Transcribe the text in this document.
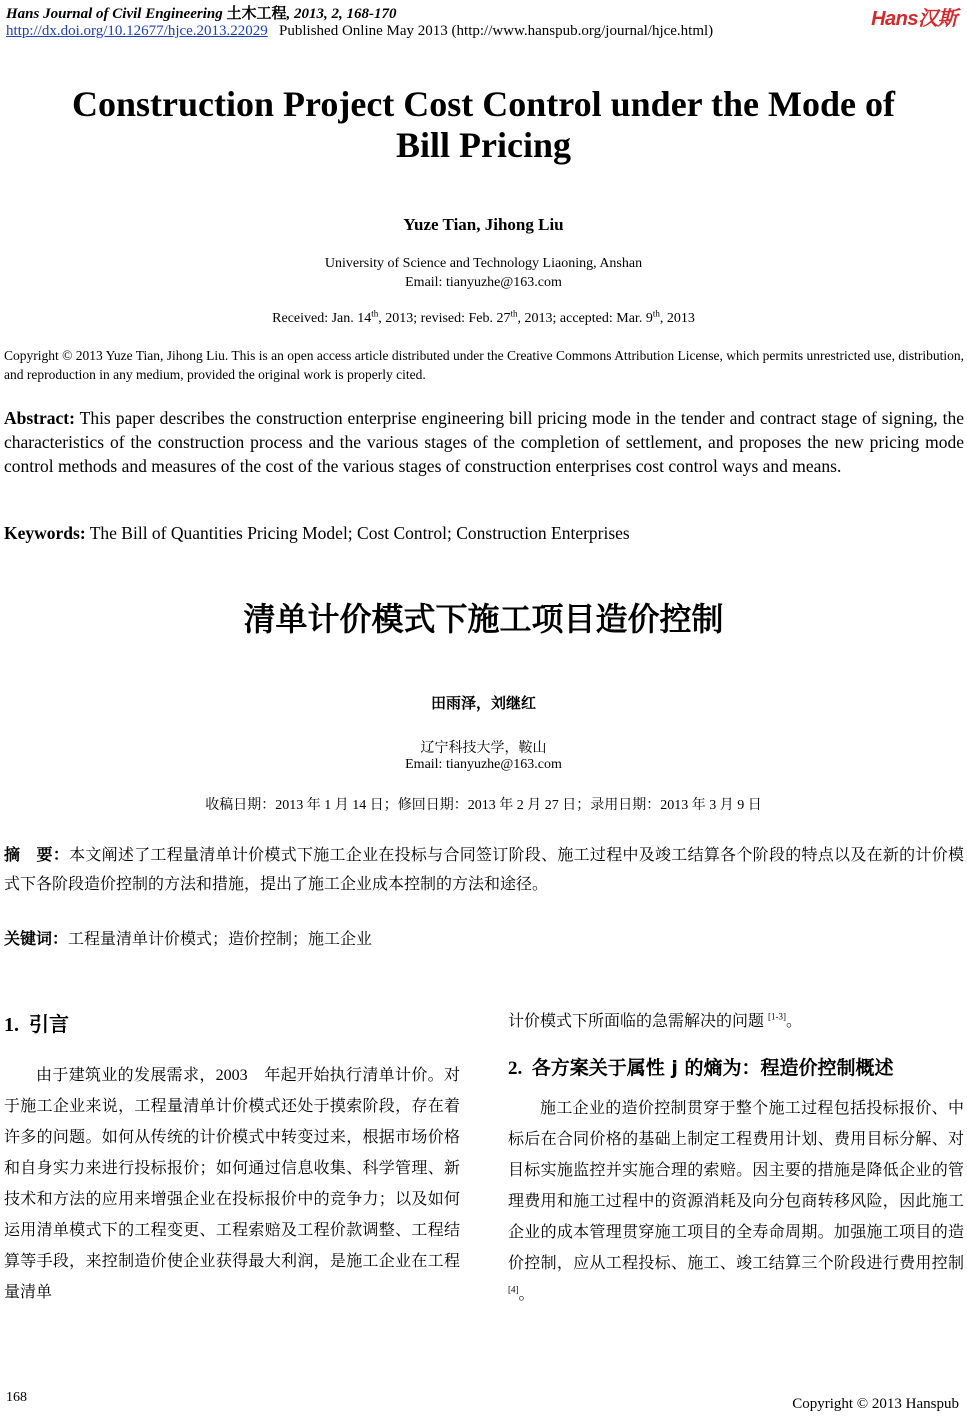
Hans Journal of Civil Engineering 土木工程, 2013, 2, 168-170
http://dx.doi.org/10.12677/hjce.2013.22029 Published Online May 2013 (http://www.hanspub.org/journal/hjce.html)
Hans汉斯
Construction Project Cost Control under the Mode of
Bill Pricing
Yuze Tian, Jihong Liu
University of Science and Technology Liaoning, Anshan
Email: tianyuzhe@163.com
Received: Jan. 14th, 2013; revised: Feb. 27th, 2013; accepted: Mar. 9th, 2013
Copyright © 2013 Yuze Tian, Jihong Liu. This is an open access article distributed under the Creative Commons Attribution License, which permits unrestricted use, distribution, and reproduction in any medium, provided the original work is properly cited.
Abstract: This paper describes the construction enterprise engineering bill pricing mode in the tender and contract stage of signing, the characteristics of the construction process and the various stages of the completion of settlement, and proposes the new pricing mode control methods and measures of the cost of the various stages of construction enterprises cost control ways and means.
Keywords: The Bill of Quantities Pricing Model; Cost Control; Construction Enterprises
清单计价模式下施工项目造价控制
田雨泽，刘继红
辽宁科技大学，鞍山
Email: tianyuzhe@163.com
收稿日期：2013 年 1 月 14 日；修回日期：2013 年 2 月 27 日；录用日期：2013 年 3 月 9 日
摘　要：本文阐述了工程量清单计价模式下施工企业在投标与合同签订阶段、施工过程中及竣工结算各个阶段的特点以及在新的计价模式下各阶段造价控制的方法和措施，提出了施工企业成本控制的方法和途径。
关键词：工程量清单计价模式；造价控制；施工企业
1. 引言

由于建筑业的发展需求，2003　年起开始执行清单计价。对于施工企业来说，工程量清单计价模式还处于摸索阶段，存在着许多的问题。如何从传统的计价模式中转变过来，根据市场价格和自身实力来进行投标报价；如何通过信息收集、科学管理、新技术和方法的应用来增强企业在投标报价中的竞争力；以及如何运用清单模式下的工程变更、工程索赔及工程价款调整、工程结算等手段，来控制造价使企业获得最大利润，是施工企业在工程量清单

计价模式下所面临的急需解决的问题 [1-3]。
2. 各方案关于属性 j 的熵为：程造价控制概述

施工企业的造价控制贯穿于整个施工过程包括投标报价、中标后在合同价格的基础上制定工程费用计划、费用目标分解、对目标实施监控并实施合理的索赔。因主要的措施是降低企业的管理费用和施工过程中的资源消耗及向分包商转移风险，因此施工企业的成本管理贯穿施工项目的全寿命周期。加强施工项目的造价控制，应从工程投标、施工、竣工结算三个阶段进行费用控制[4]。

168	Copyright © 2013 Hanspub
